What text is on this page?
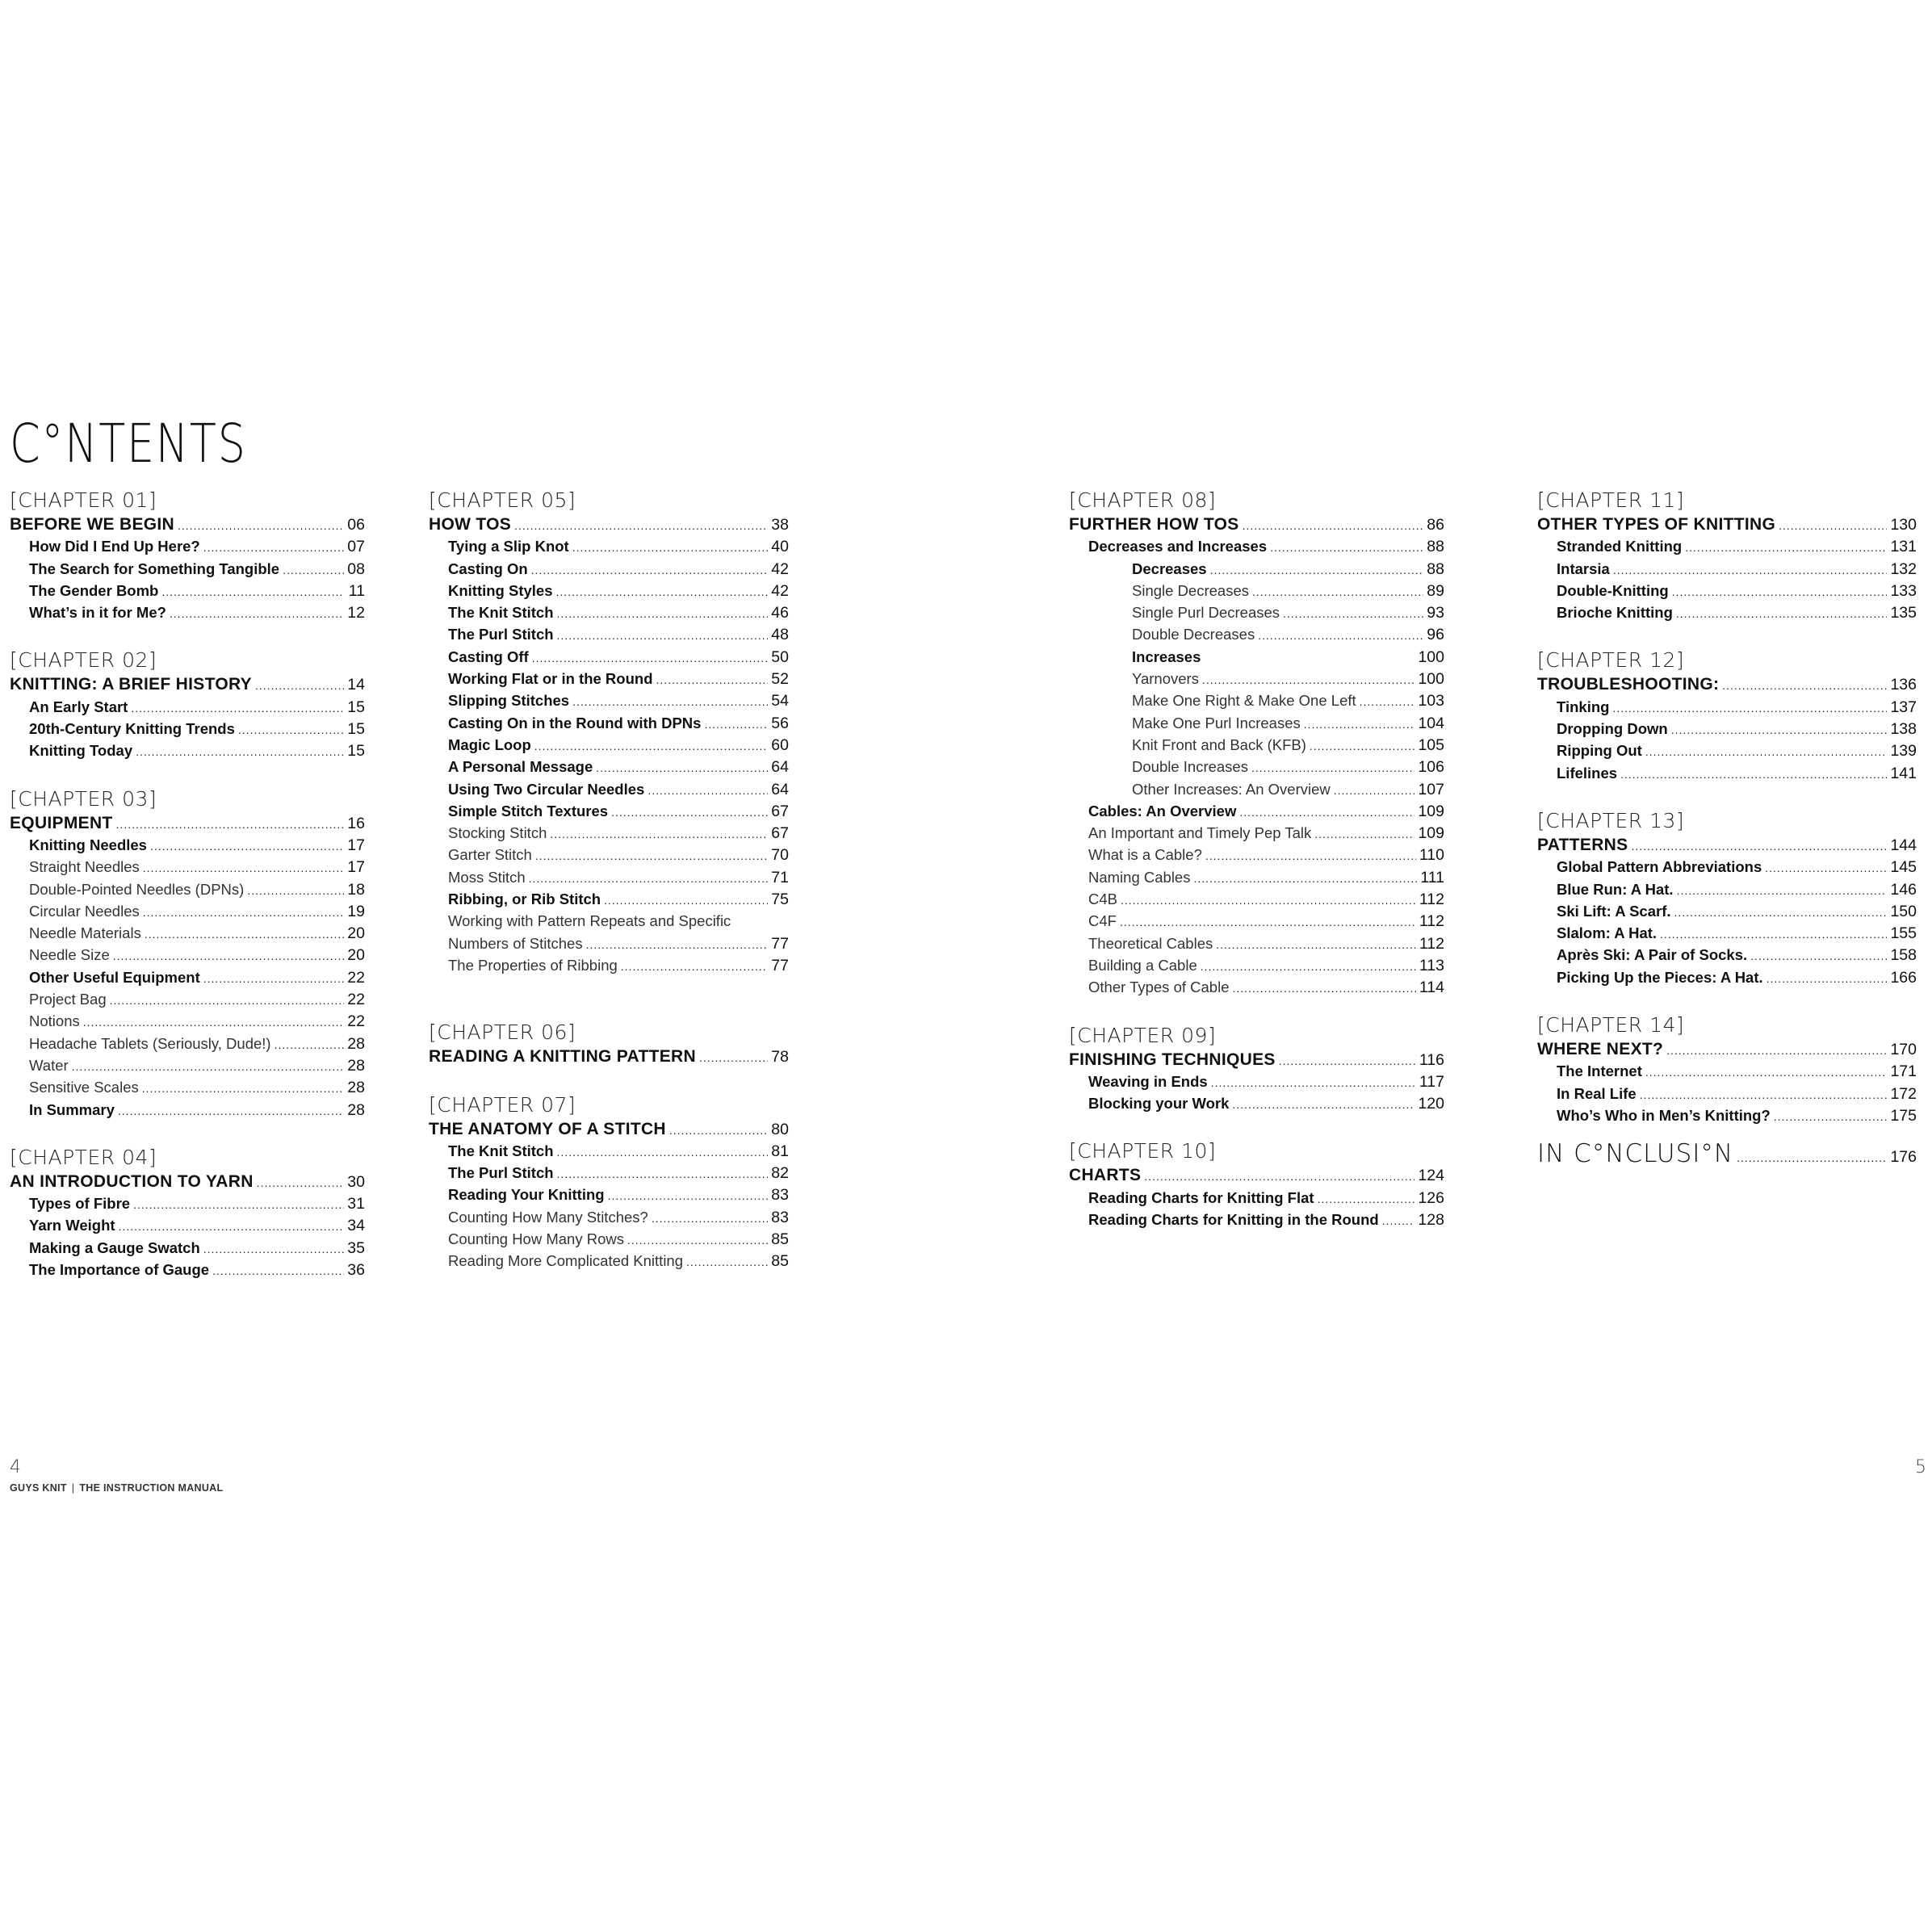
C°NTENTS
[CHAPTER 01]
BEFORE WE BEGIN .....	06
How Did I End Up Here? .....	07
The Search for Something Tangible .....	08
The Gender Bomb .....	11
What’s in it for Me? .....	12
[CHAPTER 02]
KNITTING: A BRIEF HISTORY .....	14
An Early Start .....	15
20th-Century Knitting Trends .....	15
Knitting Today .....	15
[CHAPTER 03]
EQUIPMENT .....	16
Knitting Needles .....	17
Straight Needles .....	17
Double-Pointed Needles (DPNs) .....	18
Circular Needles .....	19
Needle Materials .....	20
Needle Size .....	20
Other Useful Equipment .....	22
Project Bag .....	22
Notions .....	22
Headache Tablets (Seriously, Dude!) .....	28
Water .....	28
Sensitive Scales .....	28
In Summary .....	28
[CHAPTER 04]
AN INTRODUCTION TO YARN .....	30
Types of Fibre .....	31
Yarn Weight .....	34
Making a Gauge Swatch .....	35
The Importance of Gauge .....	36
[CHAPTER 05]
HOW TOS .....	38
Tying a Slip Knot .....	40
Casting On .....	42
Knitting Styles .....	42
The Knit Stitch .....	46
The Purl Stitch .....	48
Casting Off .....	50
Working Flat or in the Round .....	52
Slipping Stitches .....	54
Casting On in the Round with DPNs .....	56
Magic Loop .....	60
A Personal Message .....	64
Using Two Circular Needles .....	64
Simple Stitch Textures .....	67
Stocking Stitch .....	67
Garter Stitch .....	70
Moss Stitch .....	71
Ribbing, or Rib Stitch .....	75
Working with Pattern Repeats and Specific
Numbers of Stitches .....	77
The Properties of Ribbing .....	77
[CHAPTER 06]
READING A KNITTING PATTERN .....	78
[CHAPTER 07]
THE ANATOMY OF A STITCH .....	80
The Knit Stitch .....	81
The Purl Stitch .....	82
Reading Your Knitting .....	83
Counting How Many Stitches? .....	83
Counting How Many Rows .....	85
Reading More Complicated Knitting .....	85
[CHAPTER 08]
FURTHER HOW TOS .....	86
Decreases and Increases .....	88
Decreases .....	88
Single Decreases .....	89
Single Purl Decreases .....	93
Double Decreases .....	96
Increases	100
Yarnovers .....	100
Make One Right & Make One Left .....	103
Make One Purl Increases .....	104
Knit Front and Back (KFB) .....	105
Double Increases .....	106
Other Increases: An Overview .....	107
Cables: An Overview .....	109
An Important and Timely Pep Talk .....	109
What is a Cable? .....	110
Naming Cables .....	111
C4B .....	112
C4F .....	112
Theoretical Cables .....	112
Building a Cable .....	113
Other Types of Cable .....	114
[CHAPTER 09]
FINISHING TECHNIQUES .....	116
Weaving in Ends .....	117
Blocking your Work .....	120
[CHAPTER 10]
CHARTS .....	124
Reading Charts for Knitting Flat .....	126
Reading Charts for Knitting in the Round .....	128
[CHAPTER 11]
OTHER TYPES OF KNITTING .....	130
Stranded Knitting .....	131
Intarsia .....	132
Double-Knitting .....	133
Brioche Knitting .....	135
[CHAPTER 12]
TROUBLESHOOTING: .....	136
Tinking .....	137
Dropping Down .....	138
Ripping Out .....	139
Lifelines .....	141
[CHAPTER 13]
PATTERNS .....	144
Global Pattern Abbreviations .....	145
Blue Run: A Hat. .....	146
Ski Lift: A Scarf. .....	150
Slalom: A Hat. .....	155
Après Ski: A Pair of Socks. .....	158
Picking Up the Pieces: A Hat. .....	166
[CHAPTER 14]
WHERE NEXT? .....	170
The Internet .....	171
In Real Life .....	172
Who’s Who in Men’s Knitting? .....	175
IN C°NCLUSI°N .....	176
4	5
GUYS KNIT | THE INSTRUCTION MANUAL
